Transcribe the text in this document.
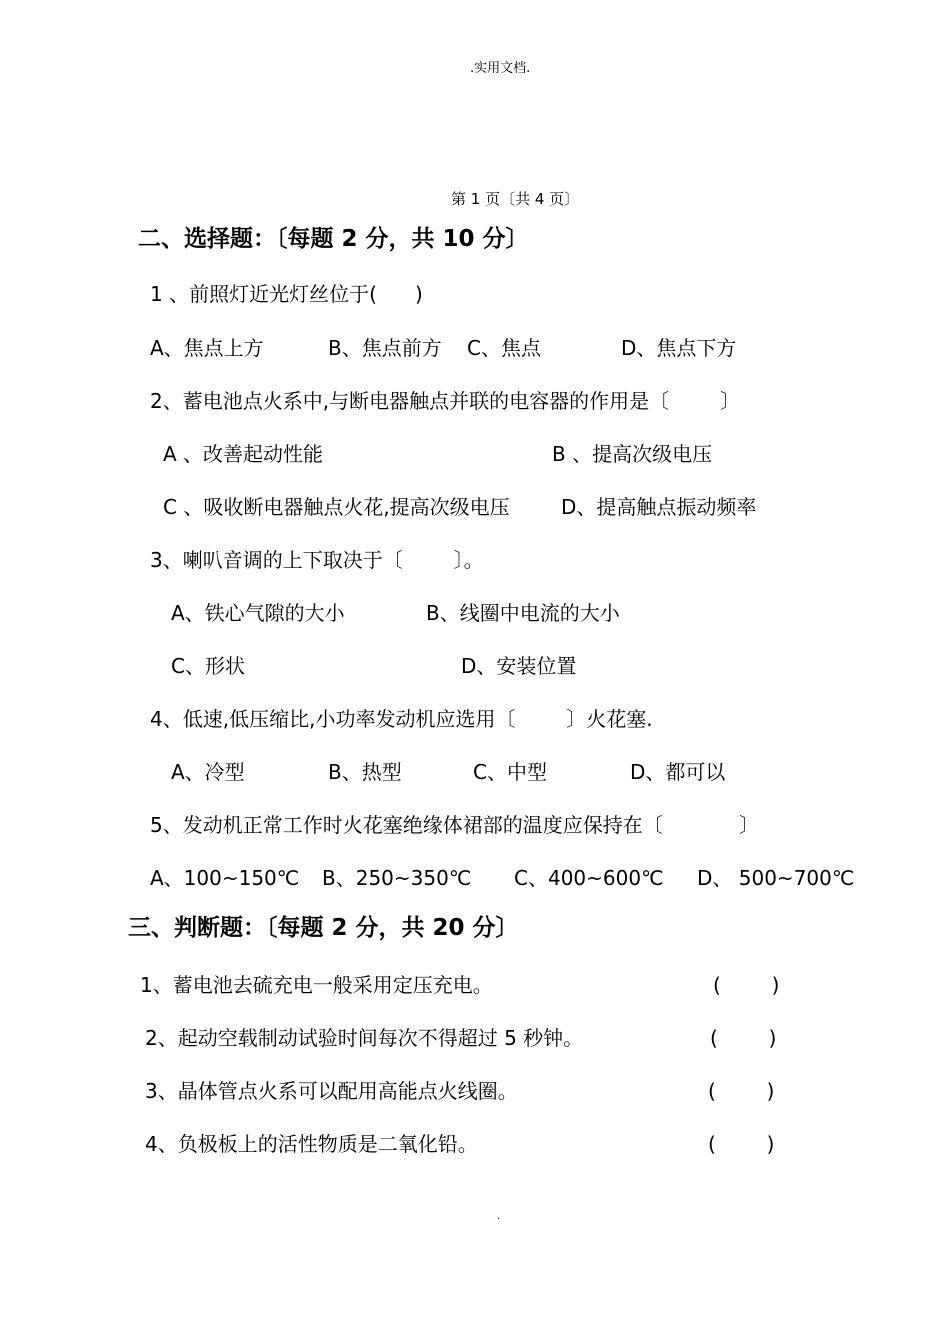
.实用文档.
第 1 页〔共 4 页〕
二、选择题：〔每题 2 分，共 10 分〕
1 、前照灯近光灯丝位于(      )
A、焦点上方	B、焦点前方 C、焦点	D、焦点下方
2、蓄电池点火系中,与断电器触点并联的电容器的作用是〔        〕
A 、改善起动性能	B 、提高次级电压
C 、吸收断电器触点火花,提高次级电压	D、提高触点振动频率
3、喇叭音调的上下取决于〔        〕。
A、铁心气隙的大小	B、线圈中电流的大小
C、形状	D、安装位置
4、低速,低压缩比,小功率发动机应选用〔        〕火花塞.
A、冷型	B、热型	C、中型	D、都可以
5、发动机正常工作时火花塞绝缘体裙部的温度应保持在〔            〕
A、100~150℃ B、250~350℃ C、400~600℃ D、 500~700℃
三、判断题：〔每题 2 分，共 20 分〕
1、蓄电池去硫充电一般采用定压充电。	(        )
2、起动空载制动试验时间每次不得超过 5 秒钟。	(        )
3、晶体管点火系可以配用高能点火线圈。	(        )
4、负极板上的活性物质是二氧化铅。	(        )
.
